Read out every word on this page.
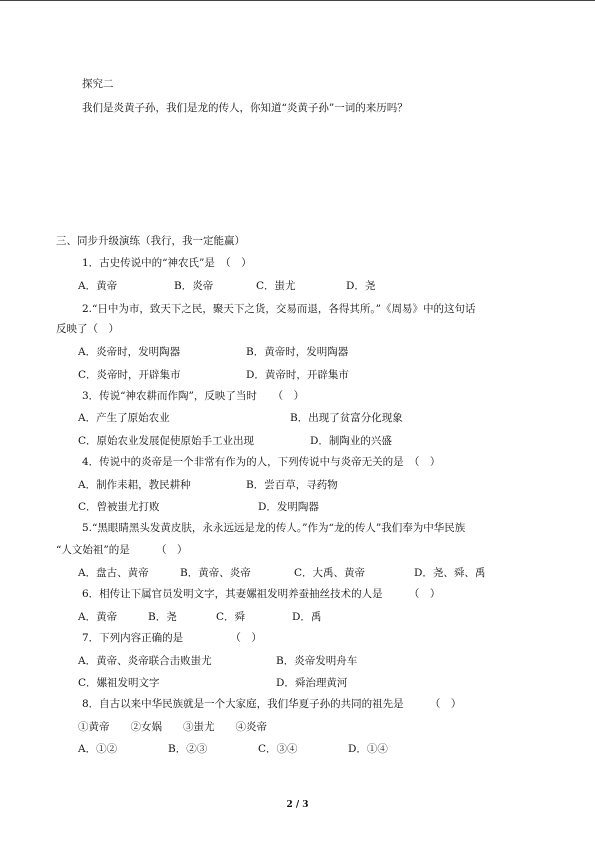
探究二
我们是炎黄子孙，我们是龙的传人，你知道“炎黄子孙”一词的来历吗？
三、同步升级演练（我行，我一定能赢）
1．古史传说中的“神农氏”是　（　）
A．黄帝	B．炎帝	C．蚩尤	D．尧
2.“日中为市，致天下之民，聚天下之货，交易而退，各得其所。”《周易》中的这句话
反映了（　）
A．炎帝时，发明陶器	B．黄帝时，发明陶器
C．炎帝时，开辟集市	D．黄帝时，开辟集市
3．传说“神农耕而作陶”，反映了当时　　（　）
A．产生了原始农业	B．出现了贫富分化现象
C．原始农业发展促使原始手工业出现	D．制陶业的兴盛
4．传说中的炎帝是一个非常有作为的人，下列传说中与炎帝无关的是　（　）
A．制作耒耜，教民耕种	B．尝百草，寻药物
C．曾被蚩尤打败	D．发明陶器
5.“黑眼睛黑头发黄皮肤，永永远远是龙的传人。”作为“龙的传人”我们奉为中华民族
“人文始祖”的是　　　（　）
A．盘古、黄帝	B．黄帝、炎帝	C．大禹、黄帝	D．尧、舜、禹
6．相传让下属官员发明文字，其妻嫘祖发明养蚕抽丝技术的人是　　　（　）
A．黄帝	B．尧	C．舜	D．禹
7．下列内容正确的是　　　　　（　）
A．黄帝、炎帝联合击败蚩尤	B．炎帝发明舟车
C．嫘祖发明文字	D．舜治理黄河
8．自古以来中华民族就是一个大家庭，我们华夏子孙的共同的祖先是　　　（　）
①黄帝　　②女娲　　③蚩尤　　④炎帝
A．①②	B．②③	C．③④	D．①④
2 / 3
